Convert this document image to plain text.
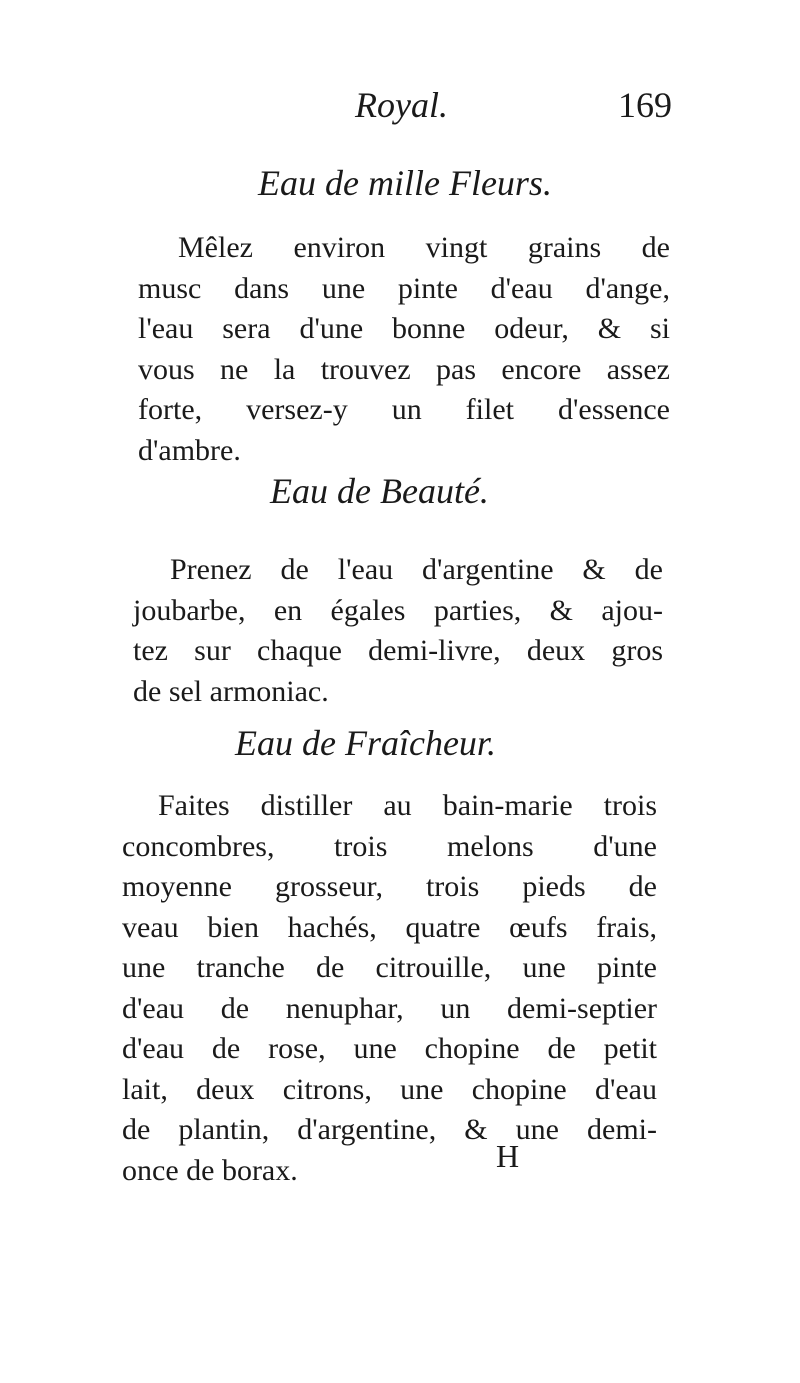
Royal.	169
Eau de mille Fleurs.
Mêlez environ vingt grains de
musc dans une pinte d'eau d'ange,
l'eau sera d'une bonne odeur, & si
vous ne la trouvez pas encore assez
forte, versez-y un filet d'essence
d'ambre.
Eau de Beauté.
Prenez de l'eau d'argentine & de
joubarbe, en égales parties, & ajou-
tez sur chaque demi-livre, deux gros
de sel armoniac.
Eau de Fraîcheur.
Faites distiller au bain-marie trois
concombres, trois melons d'une
moyenne grosseur, trois pieds de
veau bien hachés, quatre œufs frais,
une tranche de citrouille, une pinte
d'eau de nenuphar, un demi-septier
d'eau de rose, une chopine de petit
lait, deux citrons, une chopine d'eau
de plantin, d'argentine, & une demi-
once de borax.	H
